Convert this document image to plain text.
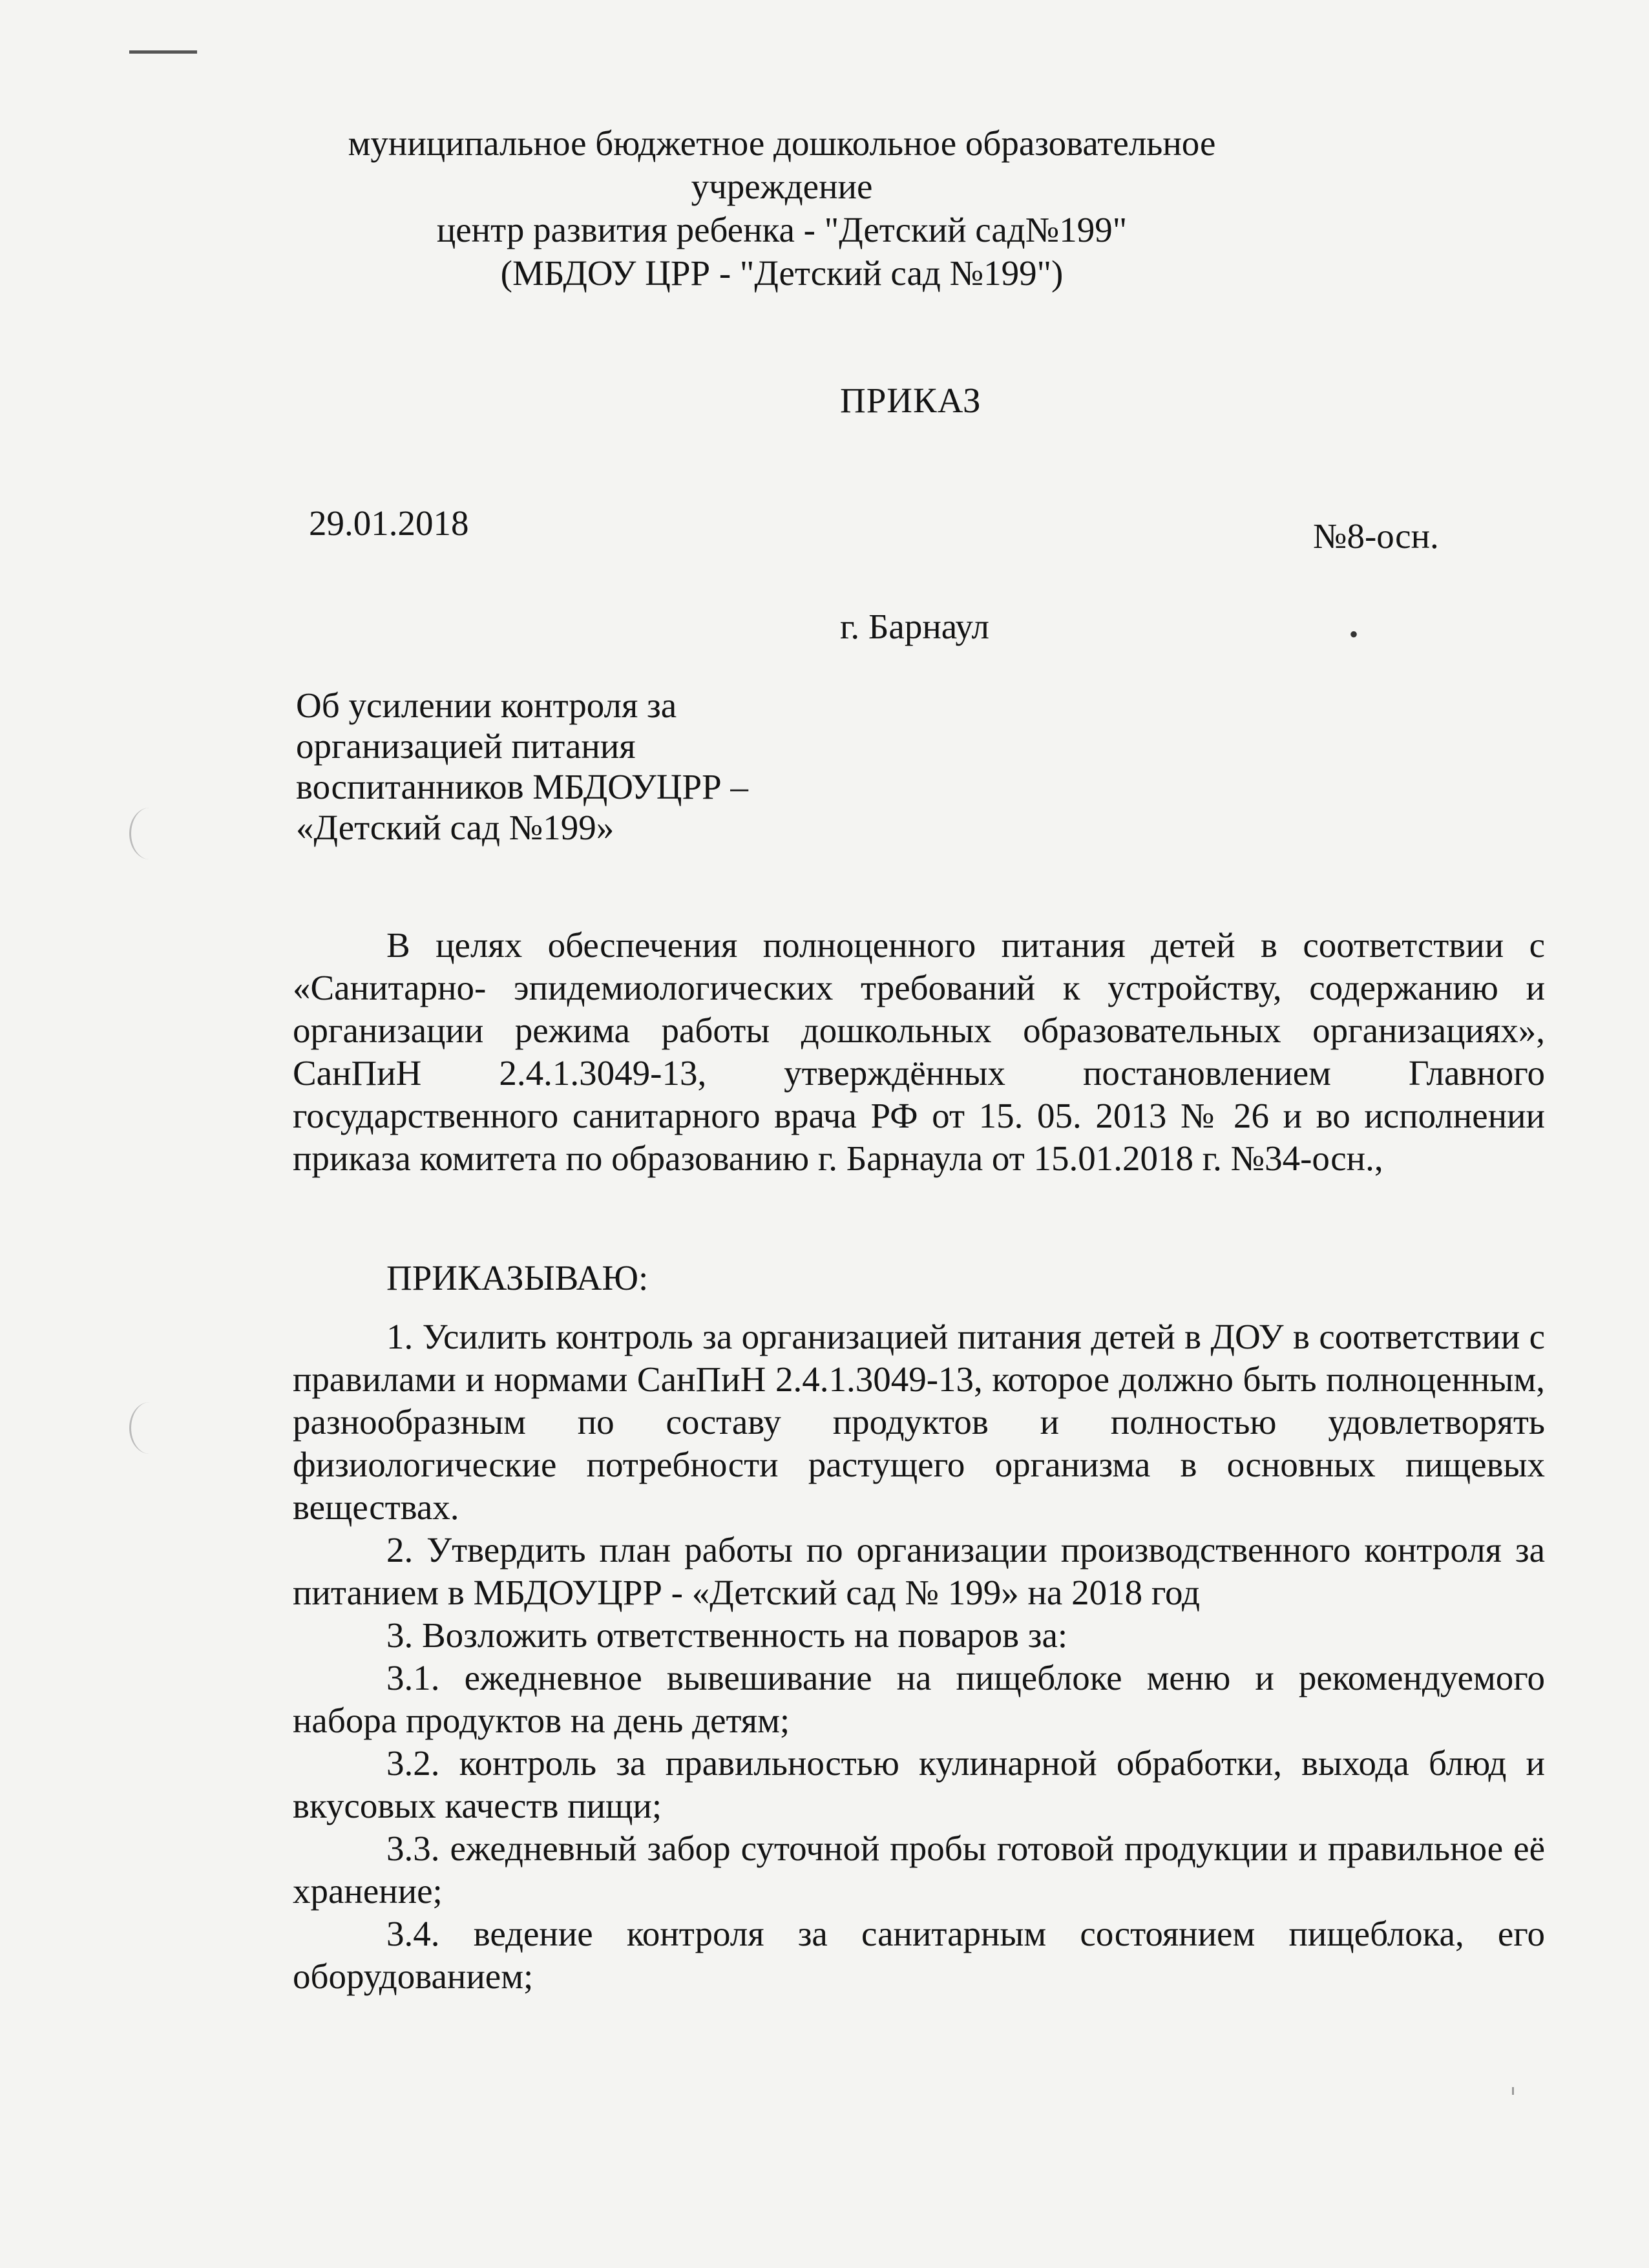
муниципальное бюджетное дошкольное образовательное учреждение
центр развития ребенка - "Детский сад№199"
(МБДОУ ЦРР - "Детский сад №199")
ПРИКАЗ
29.01.2018	№8-осн.
г. Барнаул	•
Об усилении контроля за
организацией питания
воспитанников МБДОУЦРР –
«Детский сад №199»

В целях обеспечения полноценного питания детей в соответствии с «Санитарно- эпидемиологических требований к устройству, содержанию и организации режима работы дошкольных образовательных организациях», СанПиН 2.4.1.3049-13, утверждённых постановлением Главного государственного санитарного врача РФ от 15. 05. 2013 № 26 и во исполнении приказа комитета по образованию г. Барнаула от 15.01.2018 г. №34-осн.,

ПРИКАЗЫВАЮ:

1. Усилить контроль за организацией питания детей в ДОУ в соответствии с правилами и нормами СанПиН 2.4.1.3049-13, которое должно быть полноценным, разнообразным по составу продуктов и полностью удовлетворять физиологические потребности растущего организма в основных пищевых веществах.

2. Утвердить план работы по организации производственного контроля за питанием в МБДОУЦРР - «Детский сад № 199» на 2018 год

3. Возложить ответственность на поваров за:

3.1. ежедневное вывешивание на пищеблоке меню и рекомендуемого набора продуктов на день детям;

3.2. контроль за правильностью кулинарной обработки, выхода блюд и вкусовых качеств пищи;

3.3. ежедневный забор суточной пробы готовой продукции и правильное её хранение;

3.4. ведение контроля за санитарным состоянием пищеблока, его оборудованием;
